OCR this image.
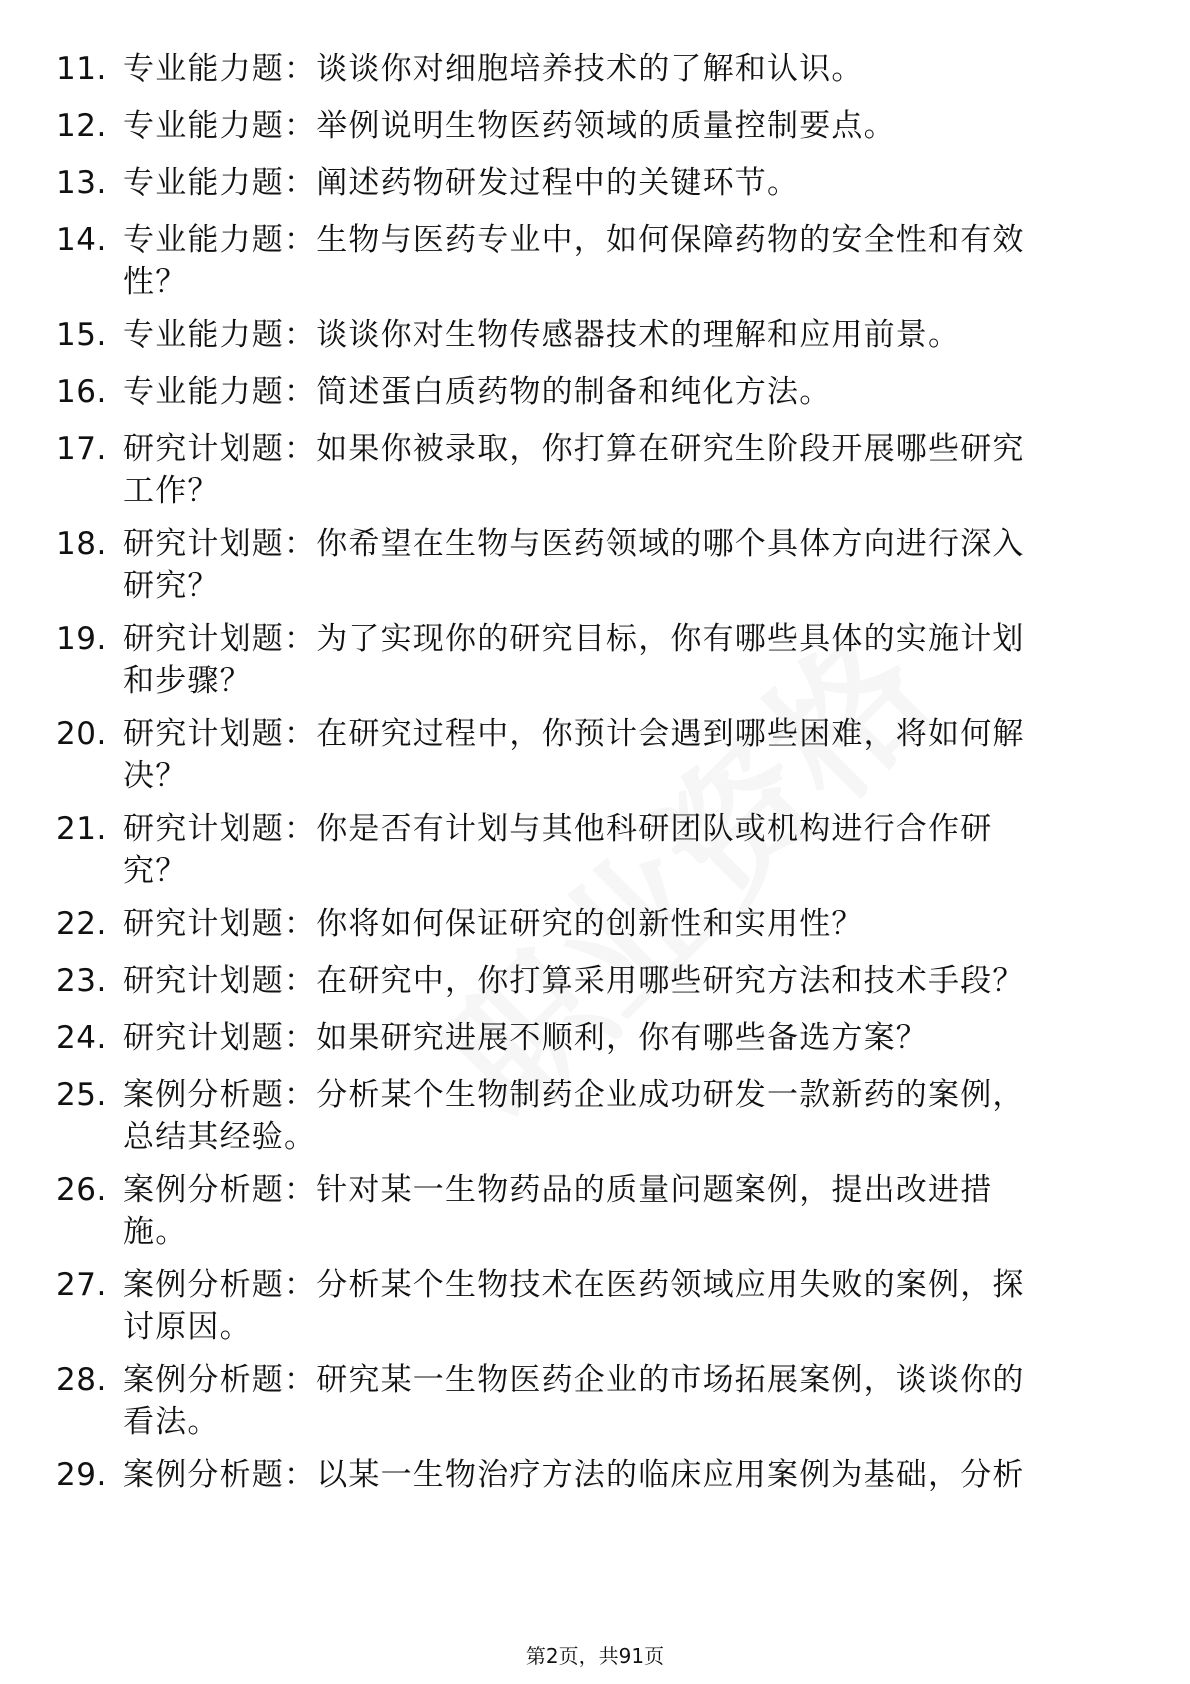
11. 专业能力题：谈谈你对细胞培养技术的了解和认识。

12. 专业能力题：举例说明生物医药领域的质量控制要点。

13. 专业能力题：阐述药物研发过程中的关键环节。

14. 专业能力题：生物与医药专业中，如何保障药物的安全性和有效
性？
15. 专业能力题：谈谈你对生物传感器技术的理解和应用前景。

16. 专业能力题：简述蛋白质药物的制备和纯化方法。

17. 研究计划题：如果你被录取，你打算在研究生阶段开展哪些研究
工作？
18. 研究计划题：你希望在生物与医药领域的哪个具体方向进行深入
研究？
19. 研究计划题：为了实现你的研究目标，你有哪些具体的实施计划
和步骤？
20. 研究计划题：在研究过程中，你预计会遇到哪些困难，将如何解
决？
21. 研究计划题：你是否有计划与其他科研团队或机构进行合作研
究？
22. 研究计划题：你将如何保证研究的创新性和实用性？

23. 研究计划题：在研究中，你打算采用哪些研究方法和技术手段？

24. 研究计划题：如果研究进展不顺利，你有哪些备选方案？

25. 案例分析题：分析某个生物制药企业成功研发一款新药的案例，
总结其经验。
26. 案例分析题：针对某一生物药品的质量问题案例，提出改进措
施。
27. 案例分析题：分析某个生物技术在医药领域应用失败的案例，探
讨原因。
28. 案例分析题：研究某一生物医药企业的市场拓展案例，谈谈你的
看法。
29. 案例分析题：以某一生物治疗方法的临床应用案例为基础，分析
第2页，共91页
